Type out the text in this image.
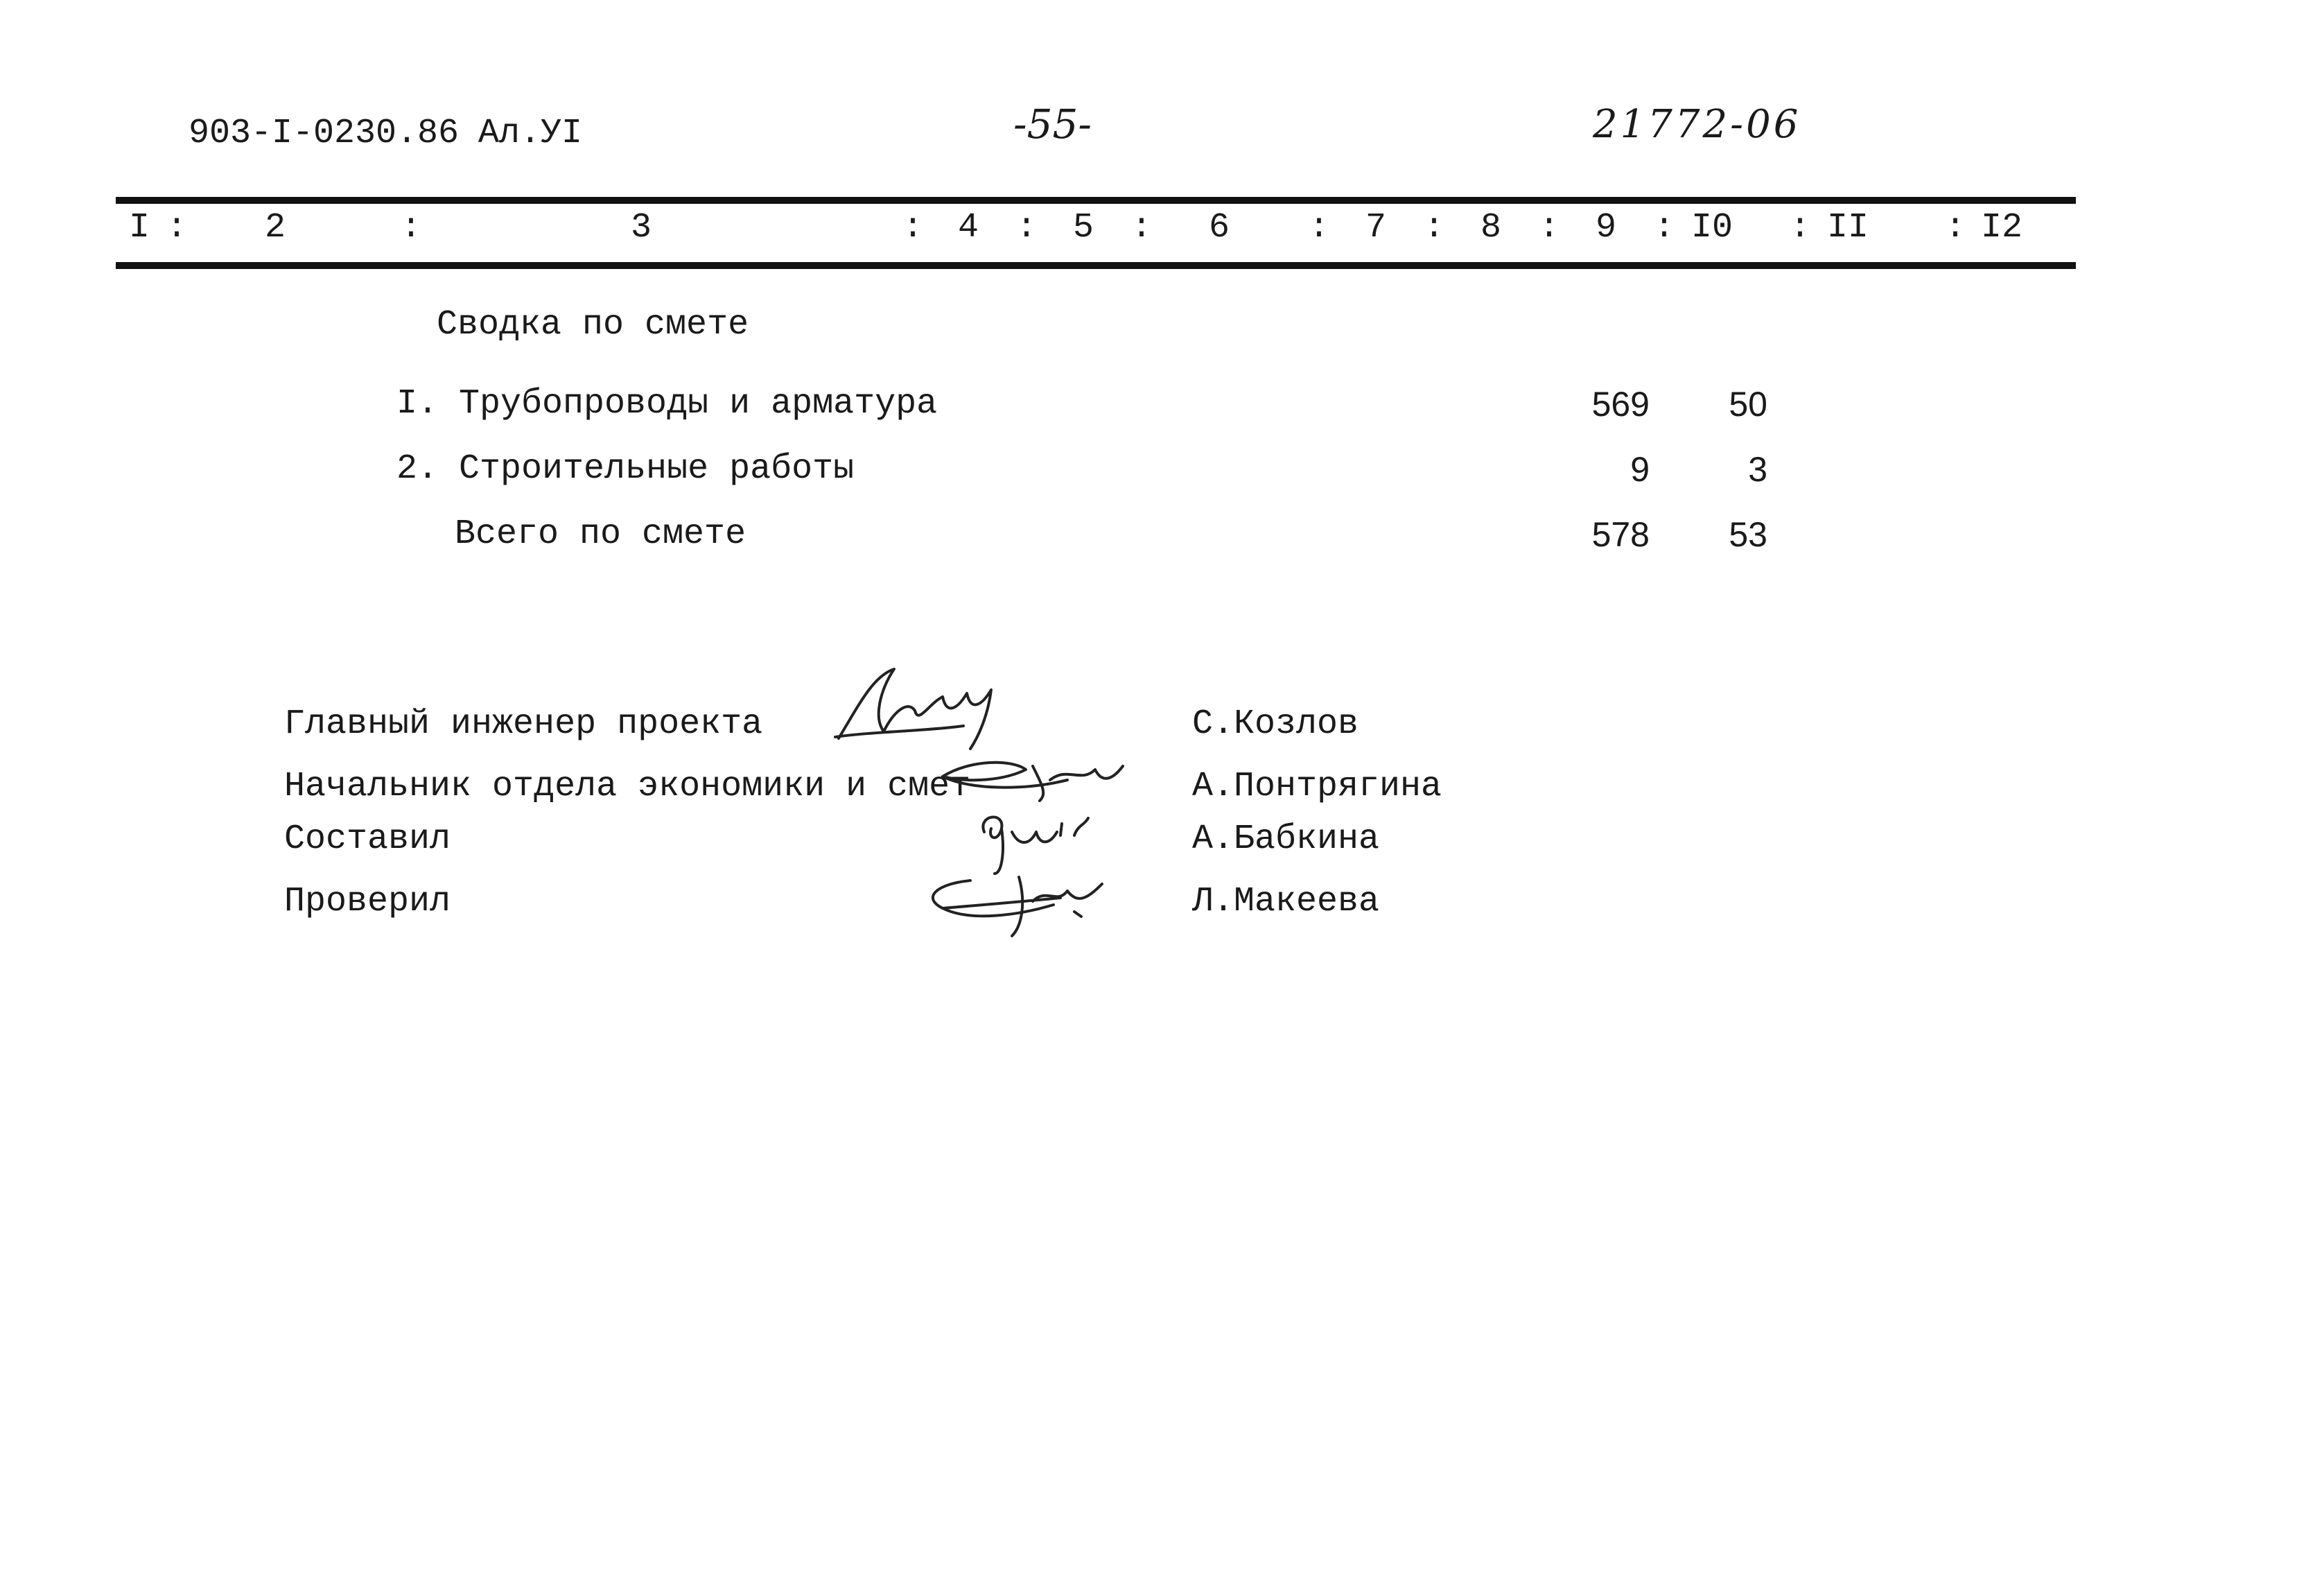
903-I-0230.86 Ал.УI	-55-	21772-06
I : 2	:	3	: 4 : 5 : 6 : 7 : 8 : 9 : I0 : II : I2
Сводка по смете
I. Трубопроводы и арматура	569	50
2. Строительные работы	9	3
Всего по смете	578	53
Главный инженер проекта	С.Козлов
Начальник отдела экономики и смет	А.Понтрягина
Составил	А.Бабкина
Проверил	Л.Макеева
